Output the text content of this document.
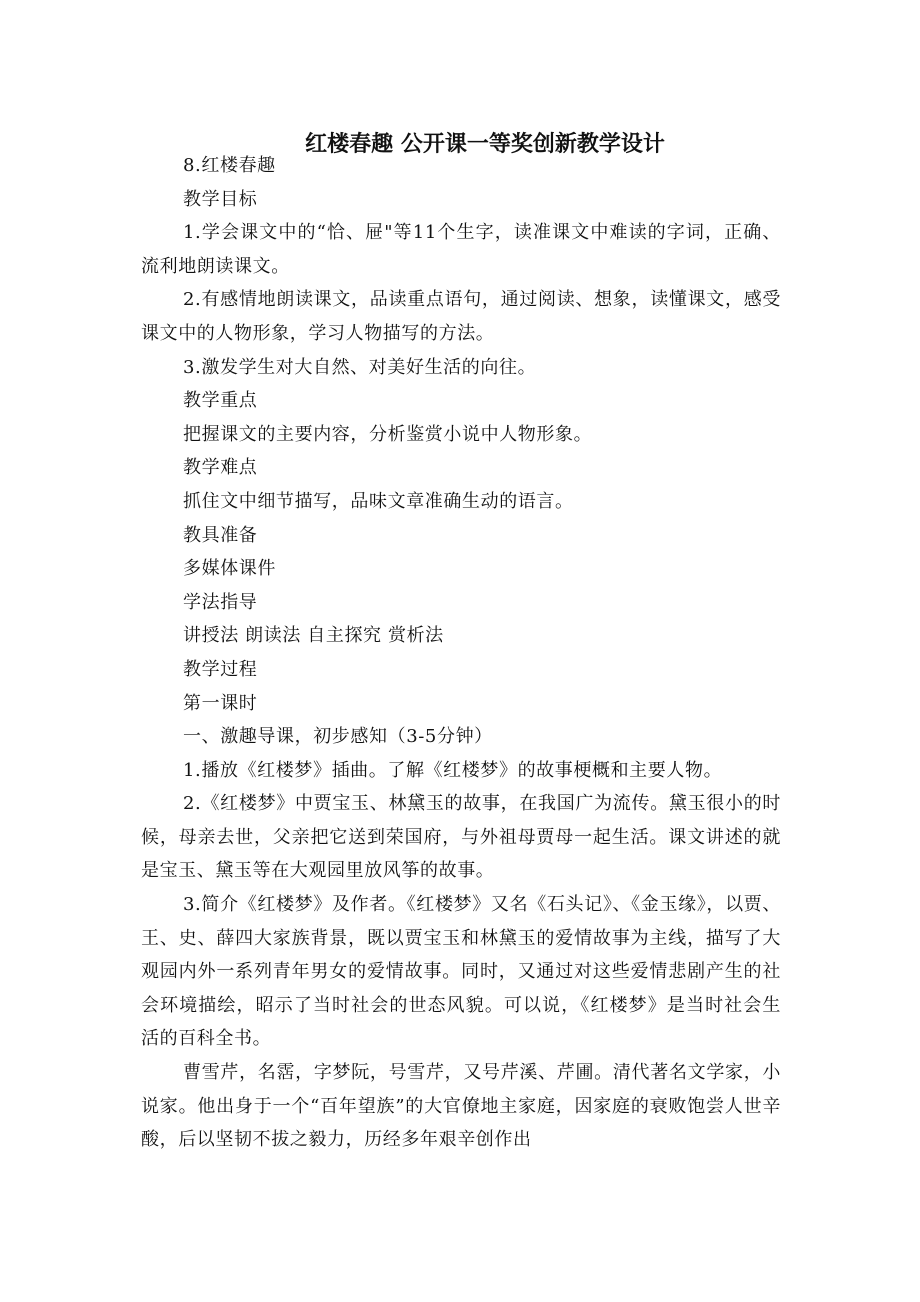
红楼春趣 公开课一等奖创新教学设计

8.红楼春趣

教学目标

1.学会课文中的“恰、屉"等11个生字，读准课文中难读的字词，正确、流利地朗读课文。

2.有感情地朗读课文，品读重点语句，通过阅读、想象，读懂课文，感受课文中的人物形象，学习人物描写的方法。

3.激发学生对大自然、对美好生活的向往。

教学重点

把握课文的主要内容，分析鉴赏小说中人物形象。

教学难点

抓住文中细节描写，品味文章准确生动的语言。

教具准备

多媒体课件

学法指导

讲授法 朗读法 自主探究 赏析法

教学过程

第一课时

一、激趣导课，初步感知（3-5分钟）

1.播放《红楼梦》插曲。了解《红楼梦》的故事梗概和主要人物。

2.《红楼梦》中贾宝玉、林黛玉的故事，在我国广为流传。黛玉很小的时候，母亲去世，父亲把它送到荣国府，与外祖母贾母一起生活。课文讲述的就是宝玉、黛玉等在大观园里放风筝的故事。

3.简介《红楼梦》及作者。《红楼梦》又名《石头记》、《金玉缘》，以贾、王、史、薛四大家族背景，既以贾宝玉和林黛玉的爱情故事为主线，描写了大观园内外一系列青年男女的爱情故事。同时，又通过对这些爱情悲剧产生的社会环境描绘，昭示了当时社会的世态风貌。可以说，《红楼梦》是当时社会生活的百科全书。

曹雪芹，名霑，字梦阮，号雪芹，又号芹溪、芹圃。清代著名文学家，小说家。他出身于一个“百年望族”的大官僚地主家庭，因家庭的衰败饱尝人世辛酸，后以坚韧不拔之毅力，历经多年艰辛创作出
